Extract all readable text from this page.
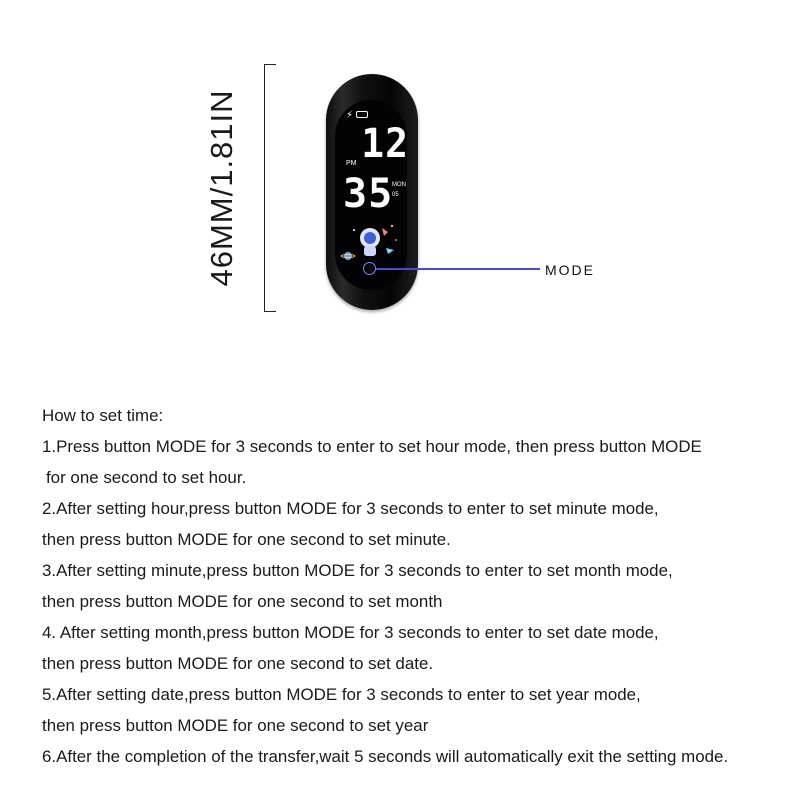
46MM/1.81IN	⚡
12
PM
35
MON
05
MODE
How to set time:
1.Press button MODE for 3 seconds to enter to set hour mode, then press button MODE
for one second to set hour.
2.After setting hour,press button MODE for 3 seconds to enter to set minute mode,
then press button MODE for one second to set minute.
3.After setting minute,press button MODE for 3 seconds to enter to set month mode,
then press button MODE for one second to set month
4. After setting month,press button MODE for 3 seconds to enter to set date mode,
then press button MODE for one second to set date.
5.After setting date,press button MODE for 3 seconds to enter to set year mode,
then press button MODE for one second to set year
6.After the completion of the transfer,wait 5 seconds will automatically exit the setting mode.
